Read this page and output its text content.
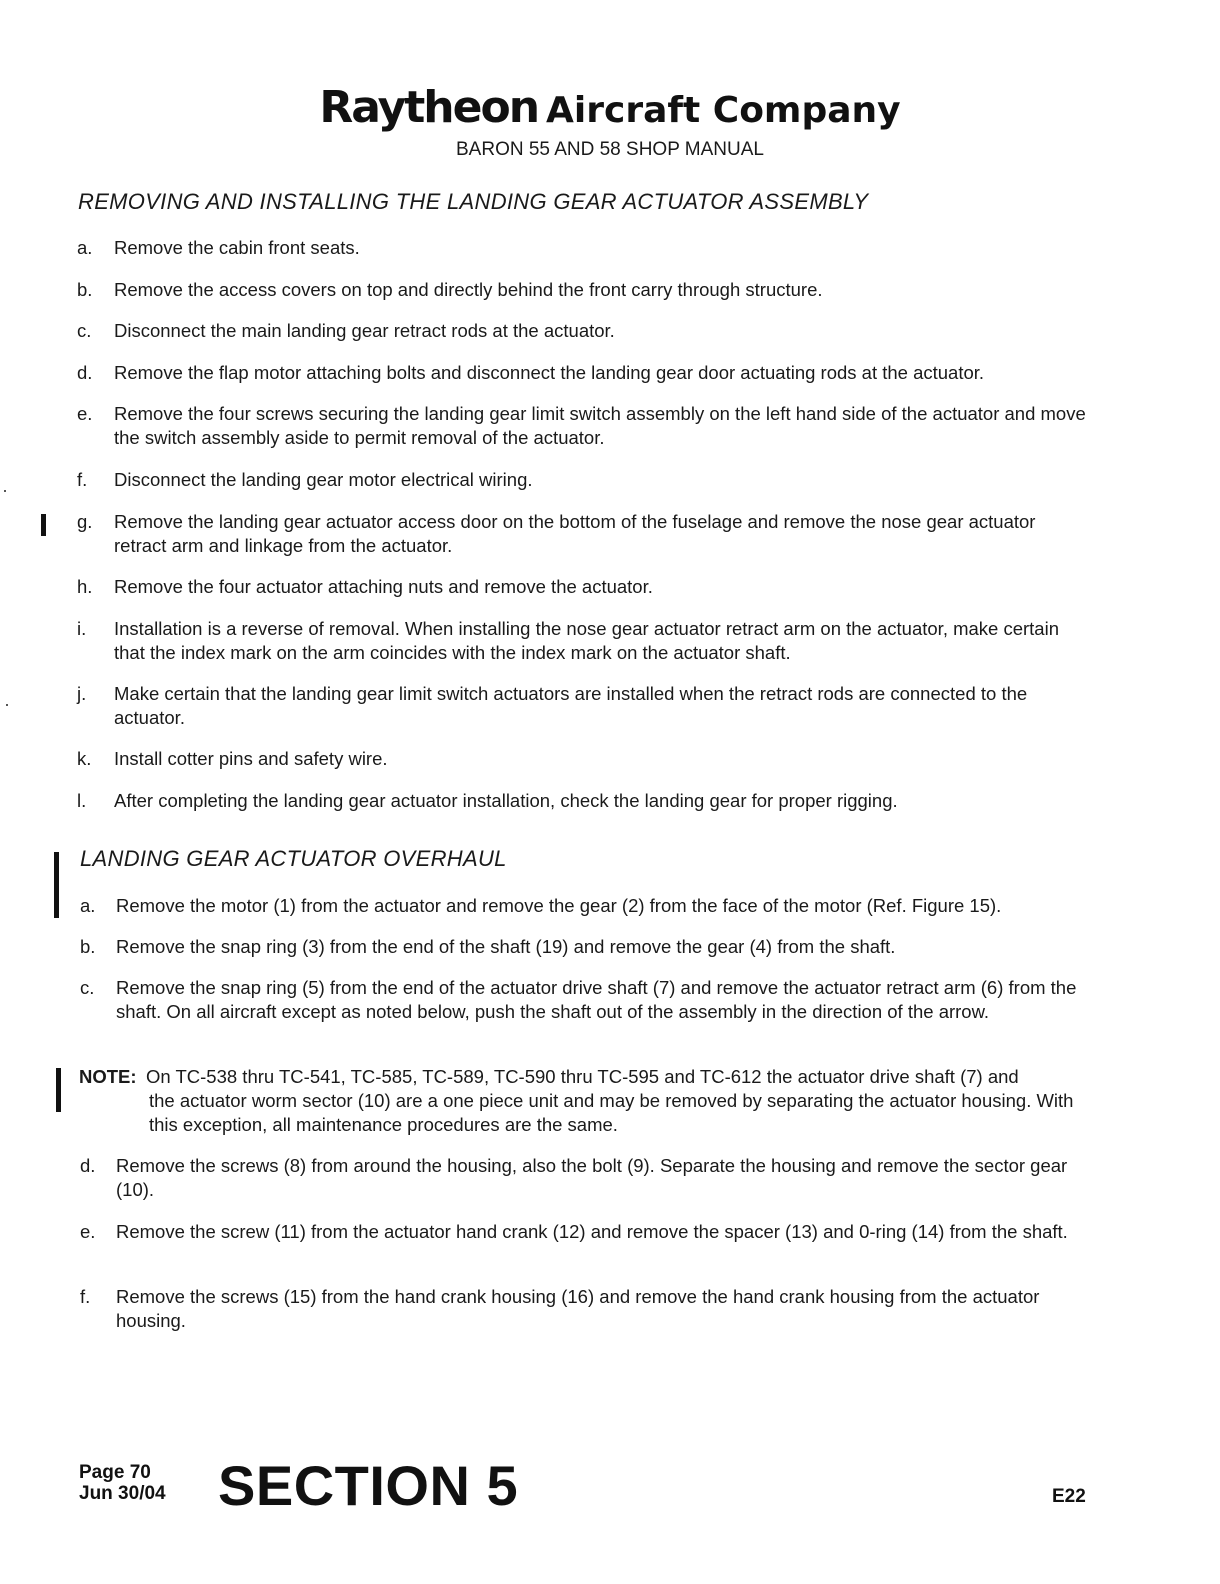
Raytheon Aircraft Company
BARON 55 AND 58 SHOP MANUAL
REMOVING AND INSTALLING THE LANDING GEAR ACTUATOR ASSEMBLY
a. Remove the cabin front seats.
b. Remove the access covers on top and directly behind the front carry through structure.
c. Disconnect the main landing gear retract rods at the actuator.
d. Remove the flap motor attaching bolts and disconnect the landing gear door actuating rods at the actuator.
e. Remove the four screws securing the landing gear limit switch assembly on the left hand side of the actuator and move the switch assembly aside to permit removal of the actuator.
f. Disconnect the landing gear motor electrical wiring.
g. Remove the landing gear actuator access door on the bottom of the fuselage and remove the nose gear actuator retract arm and linkage from the actuator.
h. Remove the four actuator attaching nuts and remove the actuator.
i. Installation is a reverse of removal. When installing the nose gear actuator retract arm on the actuator, make certain that the index mark on the arm coincides with the index mark on the actuator shaft.
j. Make certain that the landing gear limit switch actuators are installed when the retract rods are connected to the actuator.
k. Install cotter pins and safety wire.
l. After completing the landing gear actuator installation, check the landing gear for proper rigging.
LANDING GEAR ACTUATOR OVERHAUL
a. Remove the motor (1) from the actuator and remove the gear (2) from the face of the motor (Ref. Figure 15).
b. Remove the snap ring (3) from the end of the shaft (19) and remove the gear (4) from the shaft.
c. Remove the snap ring (5) from the end of the actuator drive shaft (7) and remove the actuator retract arm (6) from the shaft. On all aircraft except as noted below, push the shaft out of the assembly in the direction of the arrow.
NOTE: On TC-538 thru TC-541, TC-585, TC-589, TC-590 thru TC-595 and TC-612 the actuator drive shaft (7) and
the actuator worm sector (10) are a one piece unit and may be removed by separating the actuator housing. With this exception, all maintenance procedures are the same.
d. Remove the screws (8) from around the housing, also the bolt (9). Separate the housing and remove the sector gear (10).
e. Remove the screw (11) from the actuator hand crank (12) and remove the spacer (13) and 0-ring (14) from the shaft.
f. Remove the screws (15) from the hand crank housing (16) and remove the hand crank housing from the actuator housing.
Page 70
Jun 30/04 SECTION 5	E22
